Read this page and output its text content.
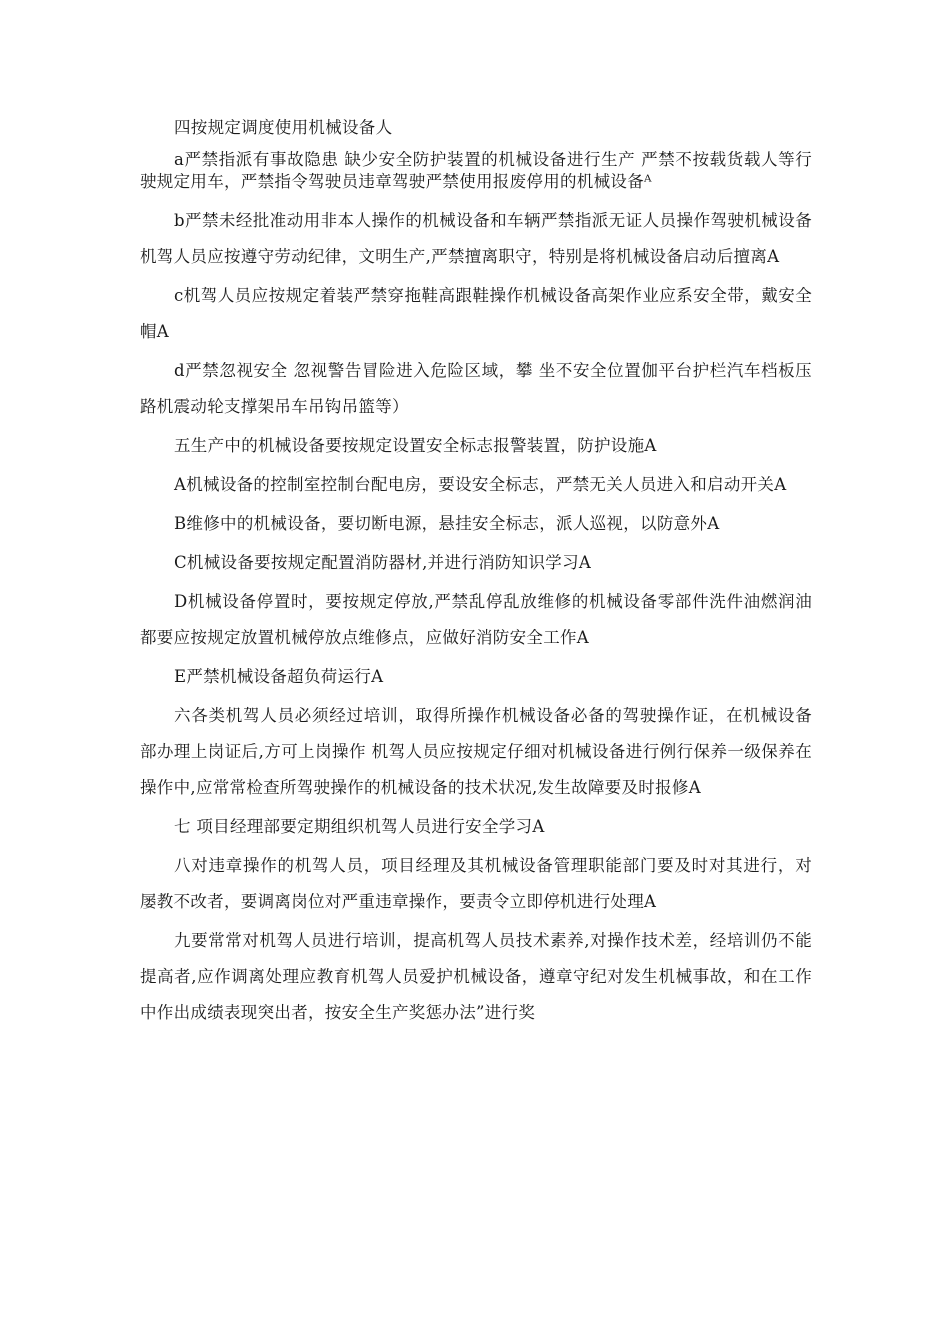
四按规定调度使用机械设备人

a严禁指派有事故隐患 缺少安全防护装置的机械设备进行生产 严禁不按载货载人等行驶规定用车，严禁指令驾驶员违章驾驶严禁使用报废停用的机械设备ᴬ

b严禁未经批准动用非本人操作的机械设备和车辆严禁指派无证人员操作驾驶机械设备机驾人员应按遵守劳动纪律，文明生产,严禁擅离职守，特别是将机械设备启动后擅离A

c机驾人员应按规定着装严禁穿拖鞋高跟鞋操作机械设备高架作业应系安全带，戴安全帽A

d严禁忽视安全 忽视警告冒险进入危险区域，攀 坐不安全位置伽平台护栏汽车档板压路机震动轮支撑架吊车吊钩吊篮等）

五生产中的机械设备要按规定设置安全标志报警装置，防护设施A

A机械设备的控制室控制台配电房，要设安全标志，严禁无关人员进入和启动开关A

B维修中的机械设备，要切断电源，悬挂安全标志，派人巡视，以防意外A

C机械设备要按规定配置消防器材,并进行消防知识学习A

D机械设备停置时，要按规定停放,严禁乱停乱放维修的机械设备零部件洗件油燃润油都要应按规定放置机械停放点维修点，应做好消防安全工作A

E严禁机械设备超负荷运行A

六各类机驾人员必须经过培训，取得所操作机械设备必备的驾驶操作证，在机械设备部办理上岗证后,方可上岗操作 机驾人员应按规定仔细对机械设备进行例行保养一级保养在操作中,应常常检查所驾驶操作的机械设备的技术状况,发生故障要及时报修A

七 项目经理部要定期组织机驾人员进行安全学习A

八对违章操作的机驾人员，项目经理及其机械设备管理职能部门要及时对其进行，对屡教不改者，要调离岗位对严重违章操作，要责令立即停机进行处理A

九要常常对机驾人员进行培训，提高机驾人员技术素养,对操作技术差，经培训仍不能提高者,应作调离处理应教育机驾人员爱护机械设备，遵章守纪对发生机械事故，和在工作中作出成绩表现突出者，按安全生产奖惩办法”进行奖
